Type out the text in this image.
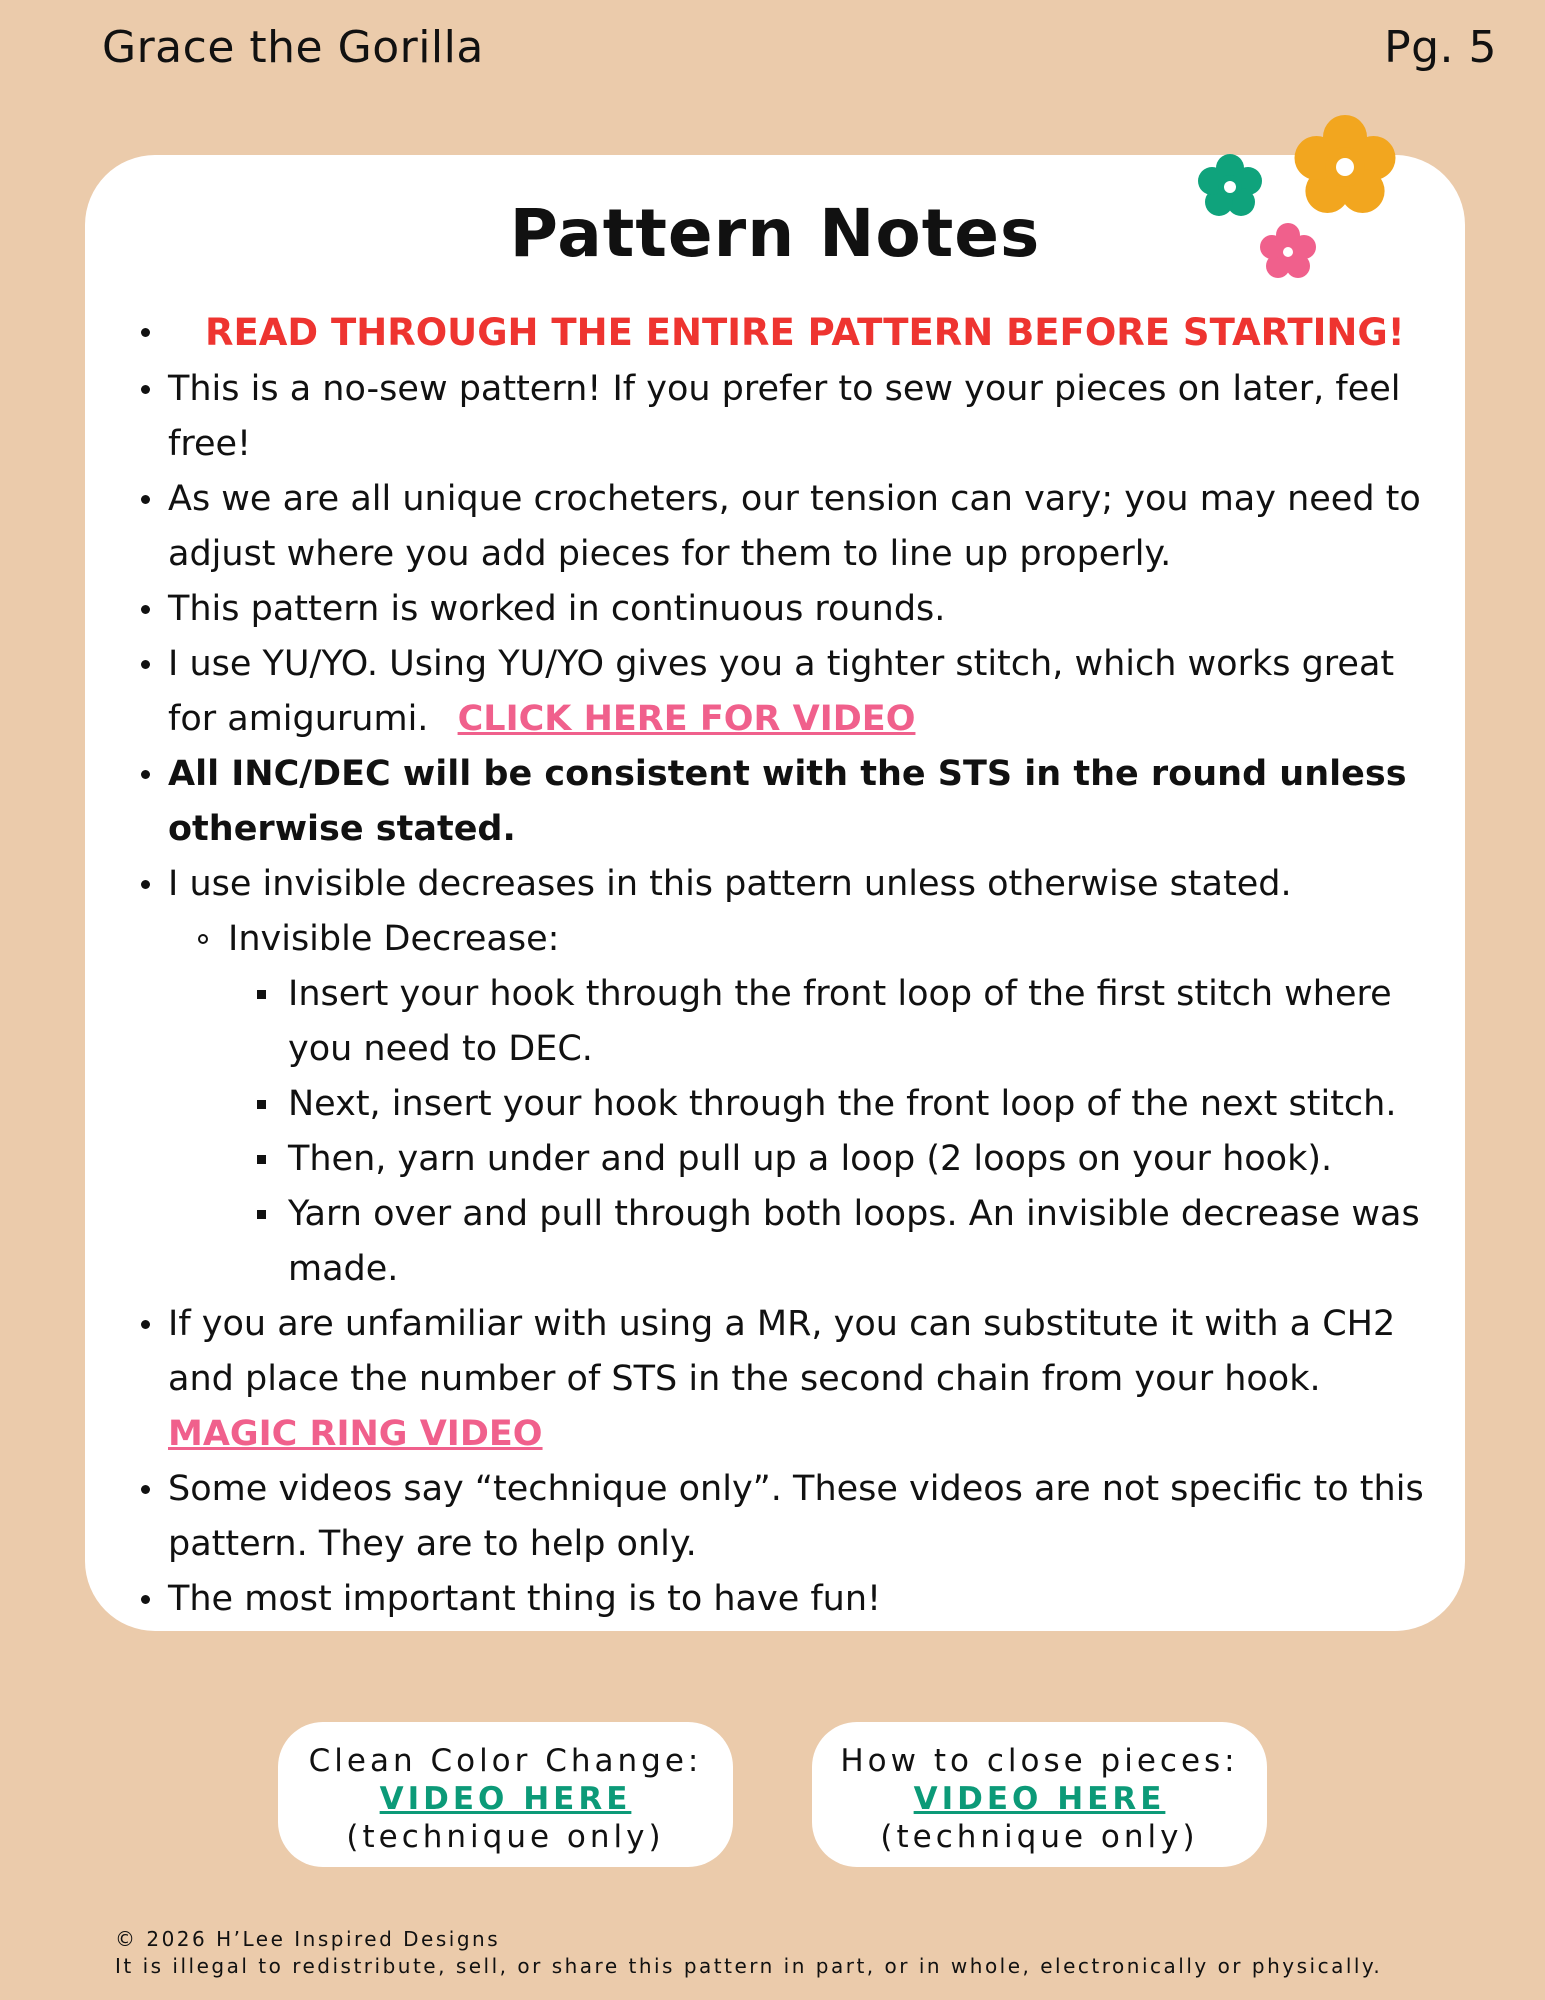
Grace the Gorilla	Pg. 5
Pattern Notes
READ THROUGH THE ENTIRE PATTERN BEFORE STARTING!
This is a no-sew pattern! If you prefer to sew your pieces on later, feel free!
As we are all unique crocheters, our tension can vary; you may need to adjust where you add pieces for them to line up properly.
This pattern is worked in continuous rounds.
I use YU/YO. Using YU/YO gives you a tighter stitch, which works great for amigurumi. CLICK HERE FOR VIDEO
All INC/DEC will be consistent with the STS in the round unless otherwise stated.
I use invisible decreases in this pattern unless otherwise stated.
Invisible Decrease:
Insert your hook through the front loop of the first stitch where you need to DEC.
Next, insert your hook through the front loop of the next stitch.
Then, yarn under and pull up a loop (2 loops on your hook).
Yarn over and pull through both loops. An invisible decrease was made.
If you are unfamiliar with using a MR, you can substitute it with a CH2 and place the number of STS in the second chain from your hook.
MAGIC RING VIDEO
Some videos say “technique only”. These videos are not specific to this pattern. They are to help only.
The most important thing is to have fun!
Clean Color Change:
VIDEO HERE
(technique only)
How to close pieces:
VIDEO HERE
(technique only)
© 2026 H’Lee Inspired Designs
It is illegal to redistribute, sell, or share this pattern in part, or in whole, electronically or physically.
